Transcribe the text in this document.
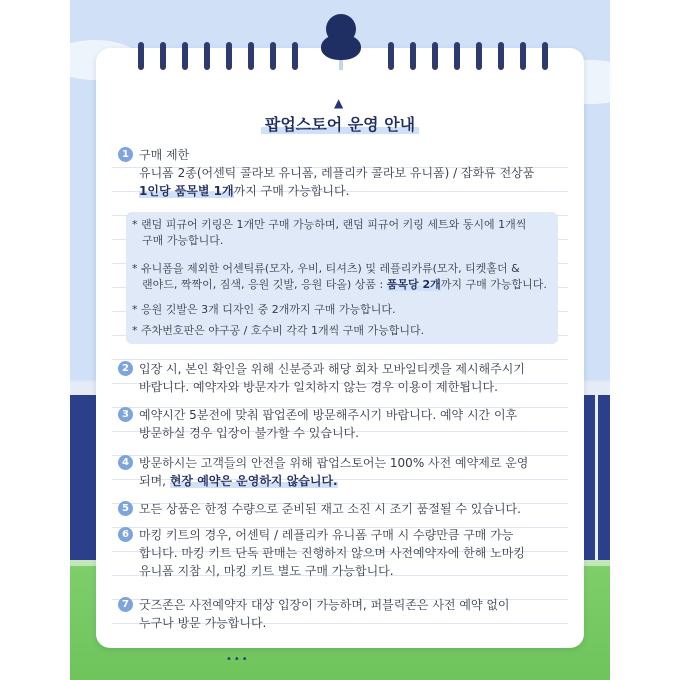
▲
팝업스토어 운영 안내
1 구매 제한
유니폼 2종(어센틱 콜라보 유니폼, 레플리카 콜라보 유니폼) / 잡화류 전상품
1인당 품목별 1개까지 구매 가능합니다.
* 랜덤 피규어 키링은 1개만 구매 가능하며, 랜덤 피규어 키링 세트와 동시에 1개씩
구매 가능합니다.
* 유니폼을 제외한 어센틱류(모자, 우비, 티셔츠) 및 레플리카류(모자, 티켓홀더 &
랜야드, 짝짝이, 짐색, 응원 깃발, 응원 타올) 상품 : 품목당 2개까지 구매 가능합니다.
* 응원 깃발은 3개 디자인 중 2개까지 구매 가능합니다.
* 주차번호판은 야구공 / 호수비 각각 1개씩 구매 가능합니다.
2 입장 시, 본인 확인을 위해 신분증과 해당 회차 모바일티켓을 제시해주시기
바랍니다. 예약자와 방문자가 일치하지 않는 경우 이용이 제한됩니다.
3 예약시간 5분전에 맞춰 팝업존에 방문해주시기 바랍니다. 예약 시간 이후
방문하실 경우 입장이 불가할 수 있습니다.
4 방문하시는 고객들의 안전을 위해 팝업스토어는 100% 사전 예약제로 운영
되며, 현장 예약은 운영하지 않습니다.
5 모든 상품은 한정 수량으로 준비된 재고 소진 시 조기 품절될 수 있습니다.
6 마킹 키트의 경우, 어센틱 / 레플리카 유니폼 구매 시 수량만큼 구매 가능
합니다. 마킹 키트 단독 판매는 진행하지 않으며 사전예약자에 한해 노마킹
유니폼 지참 시, 마킹 키트 별도 구매 가능합니다.
7 굿즈존은 사전예약자 대상 입장이 가능하며, 퍼블릭존은 사전 예약 없이
누구나 방문 가능합니다.
•••
